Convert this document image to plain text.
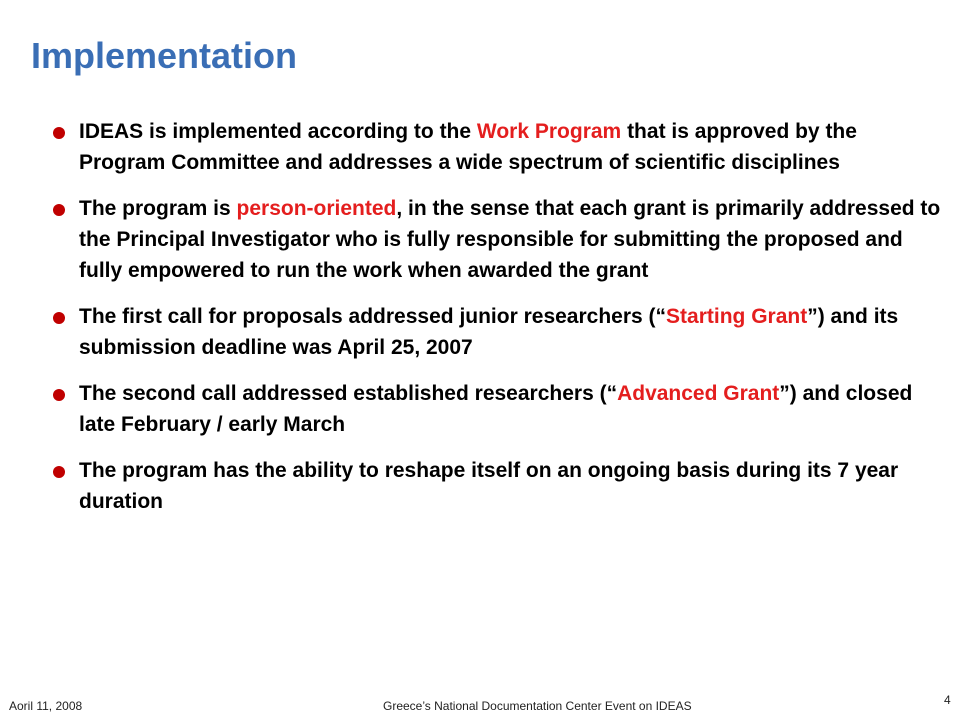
Implementation
IDEAS is implemented according to the Work Program that is approved by the Program Committee and addresses a wide spectrum of scientific disciplines
The program is person-oriented, in the sense that each grant is primarily addressed to the Principal Investigator who is fully responsible for submitting the proposed and fully empowered to run the work when awarded the grant
The first call for proposals addressed junior researchers (“Starting Grant”) and its submission deadline was April 25, 2007
The second call addressed established researchers (“Advanced Grant”) and closed late February / early March
The program has the ability to reshape itself on an ongoing basis during its 7 year duration
Aoril 11, 2008	Greece’s National Documentation Center Event on IDEAS	4
